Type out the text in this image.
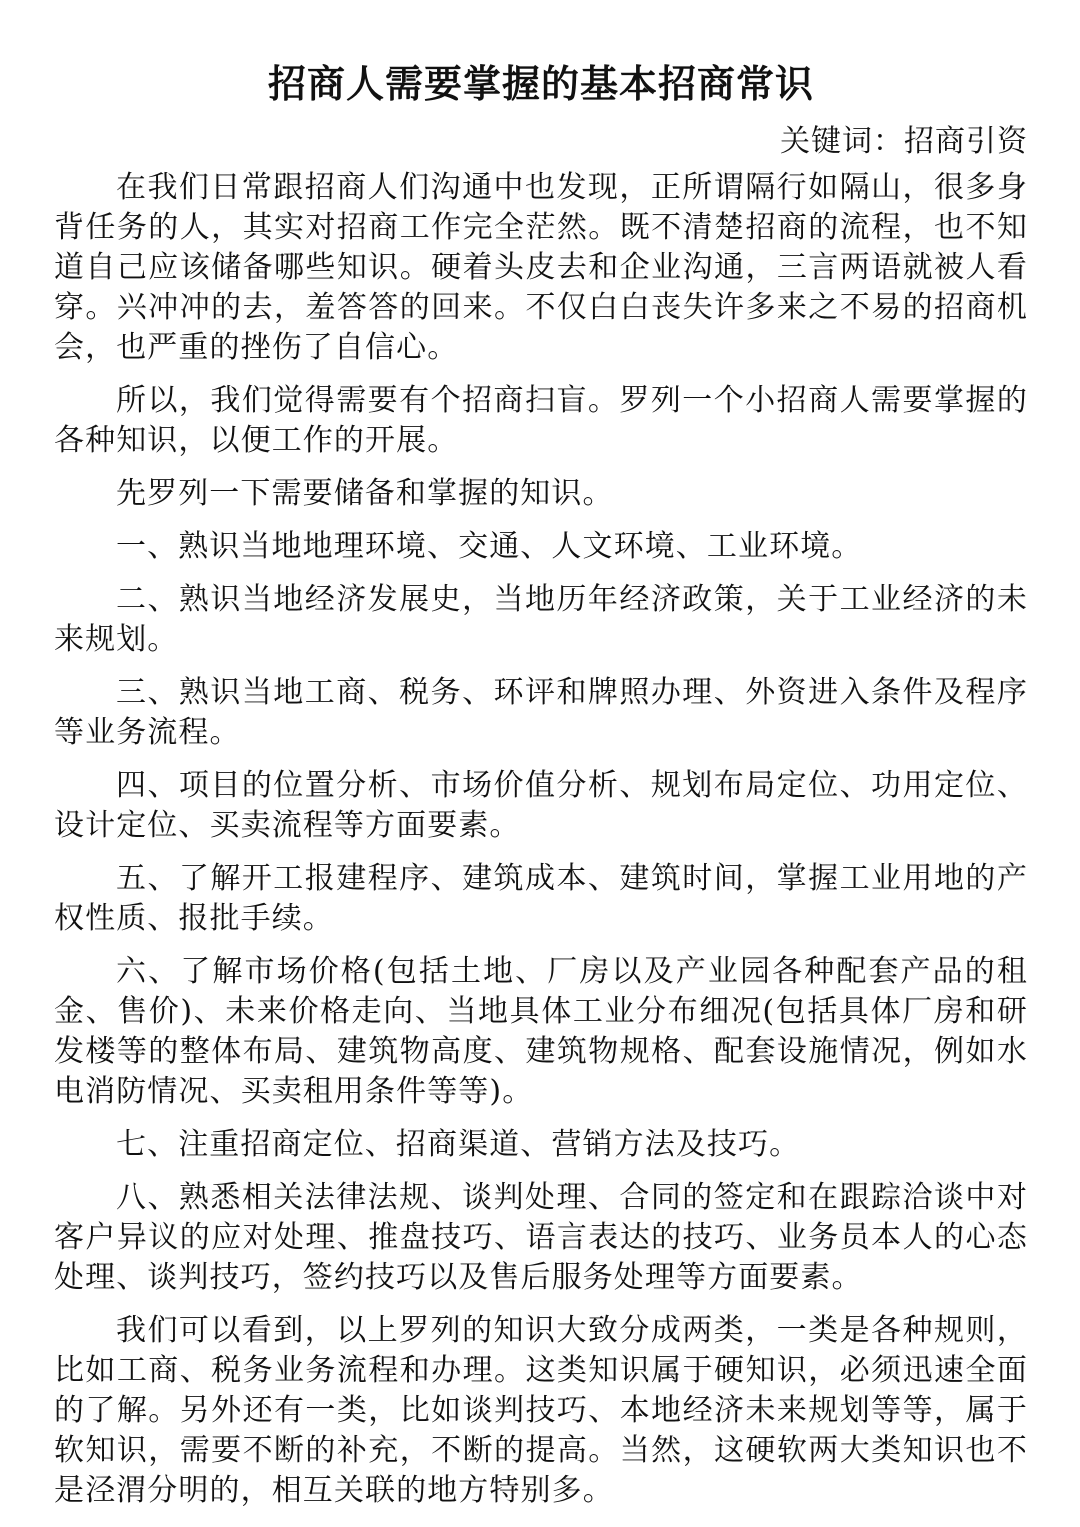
招商人需要掌握的基本招商常识
关键词：招商引资

在我们日常跟招商人们沟通中也发现，正所谓隔行如隔山，很多身背任务的人，其实对招商工作完全茫然。既不清楚招商的流程，也不知道自己应该储备哪些知识。硬着头皮去和企业沟通，三言两语就被人看穿。兴冲冲的去，羞答答的回来。不仅白白丧失许多来之不易的招商机会，也严重的挫伤了自信心。

所以，我们觉得需要有个招商扫盲。罗列一个小招商人需要掌握的各种知识，以便工作的开展。

先罗列一下需要储备和掌握的知识。

一、熟识当地地理环境、交通、人文环境、工业环境。

二、熟识当地经济发展史，当地历年经济政策，关于工业经济的未来规划。

三、熟识当地工商、税务、环评和牌照办理、外资进入条件及程序等业务流程。

四、项目的位置分析、市场价值分析、规划布局定位、功用定位、设计定位、买卖流程等方面要素。

五、了解开工报建程序、建筑成本、建筑时间，掌握工业用地的产权性质、报批手续。

六、了解市场价格(包括土地、厂房以及产业园各种配套产品的租金、售价)、未来价格走向、当地具体工业分布细况(包括具体厂房和研发楼等的整体布局、建筑物高度、建筑物规格、配套设施情况，例如水电消防情况、买卖租用条件等等)。

七、注重招商定位、招商渠道、营销方法及技巧。

八、熟悉相关法律法规、谈判处理、合同的签定和在跟踪洽谈中对客户异议的应对处理、推盘技巧、语言表达的技巧、业务员本人的心态处理、谈判技巧，签约技巧以及售后服务处理等方面要素。

我们可以看到，以上罗列的知识大致分成两类，一类是各种规则，比如工商、税务业务流程和办理。这类知识属于硬知识，必须迅速全面的了解。另外还有一类，比如谈判技巧、本地经济未来规划等等，属于软知识，需要不断的补充，不断的提高。当然，这硬软两大类知识也不是泾渭分明的，相互关联的地方特别多。
